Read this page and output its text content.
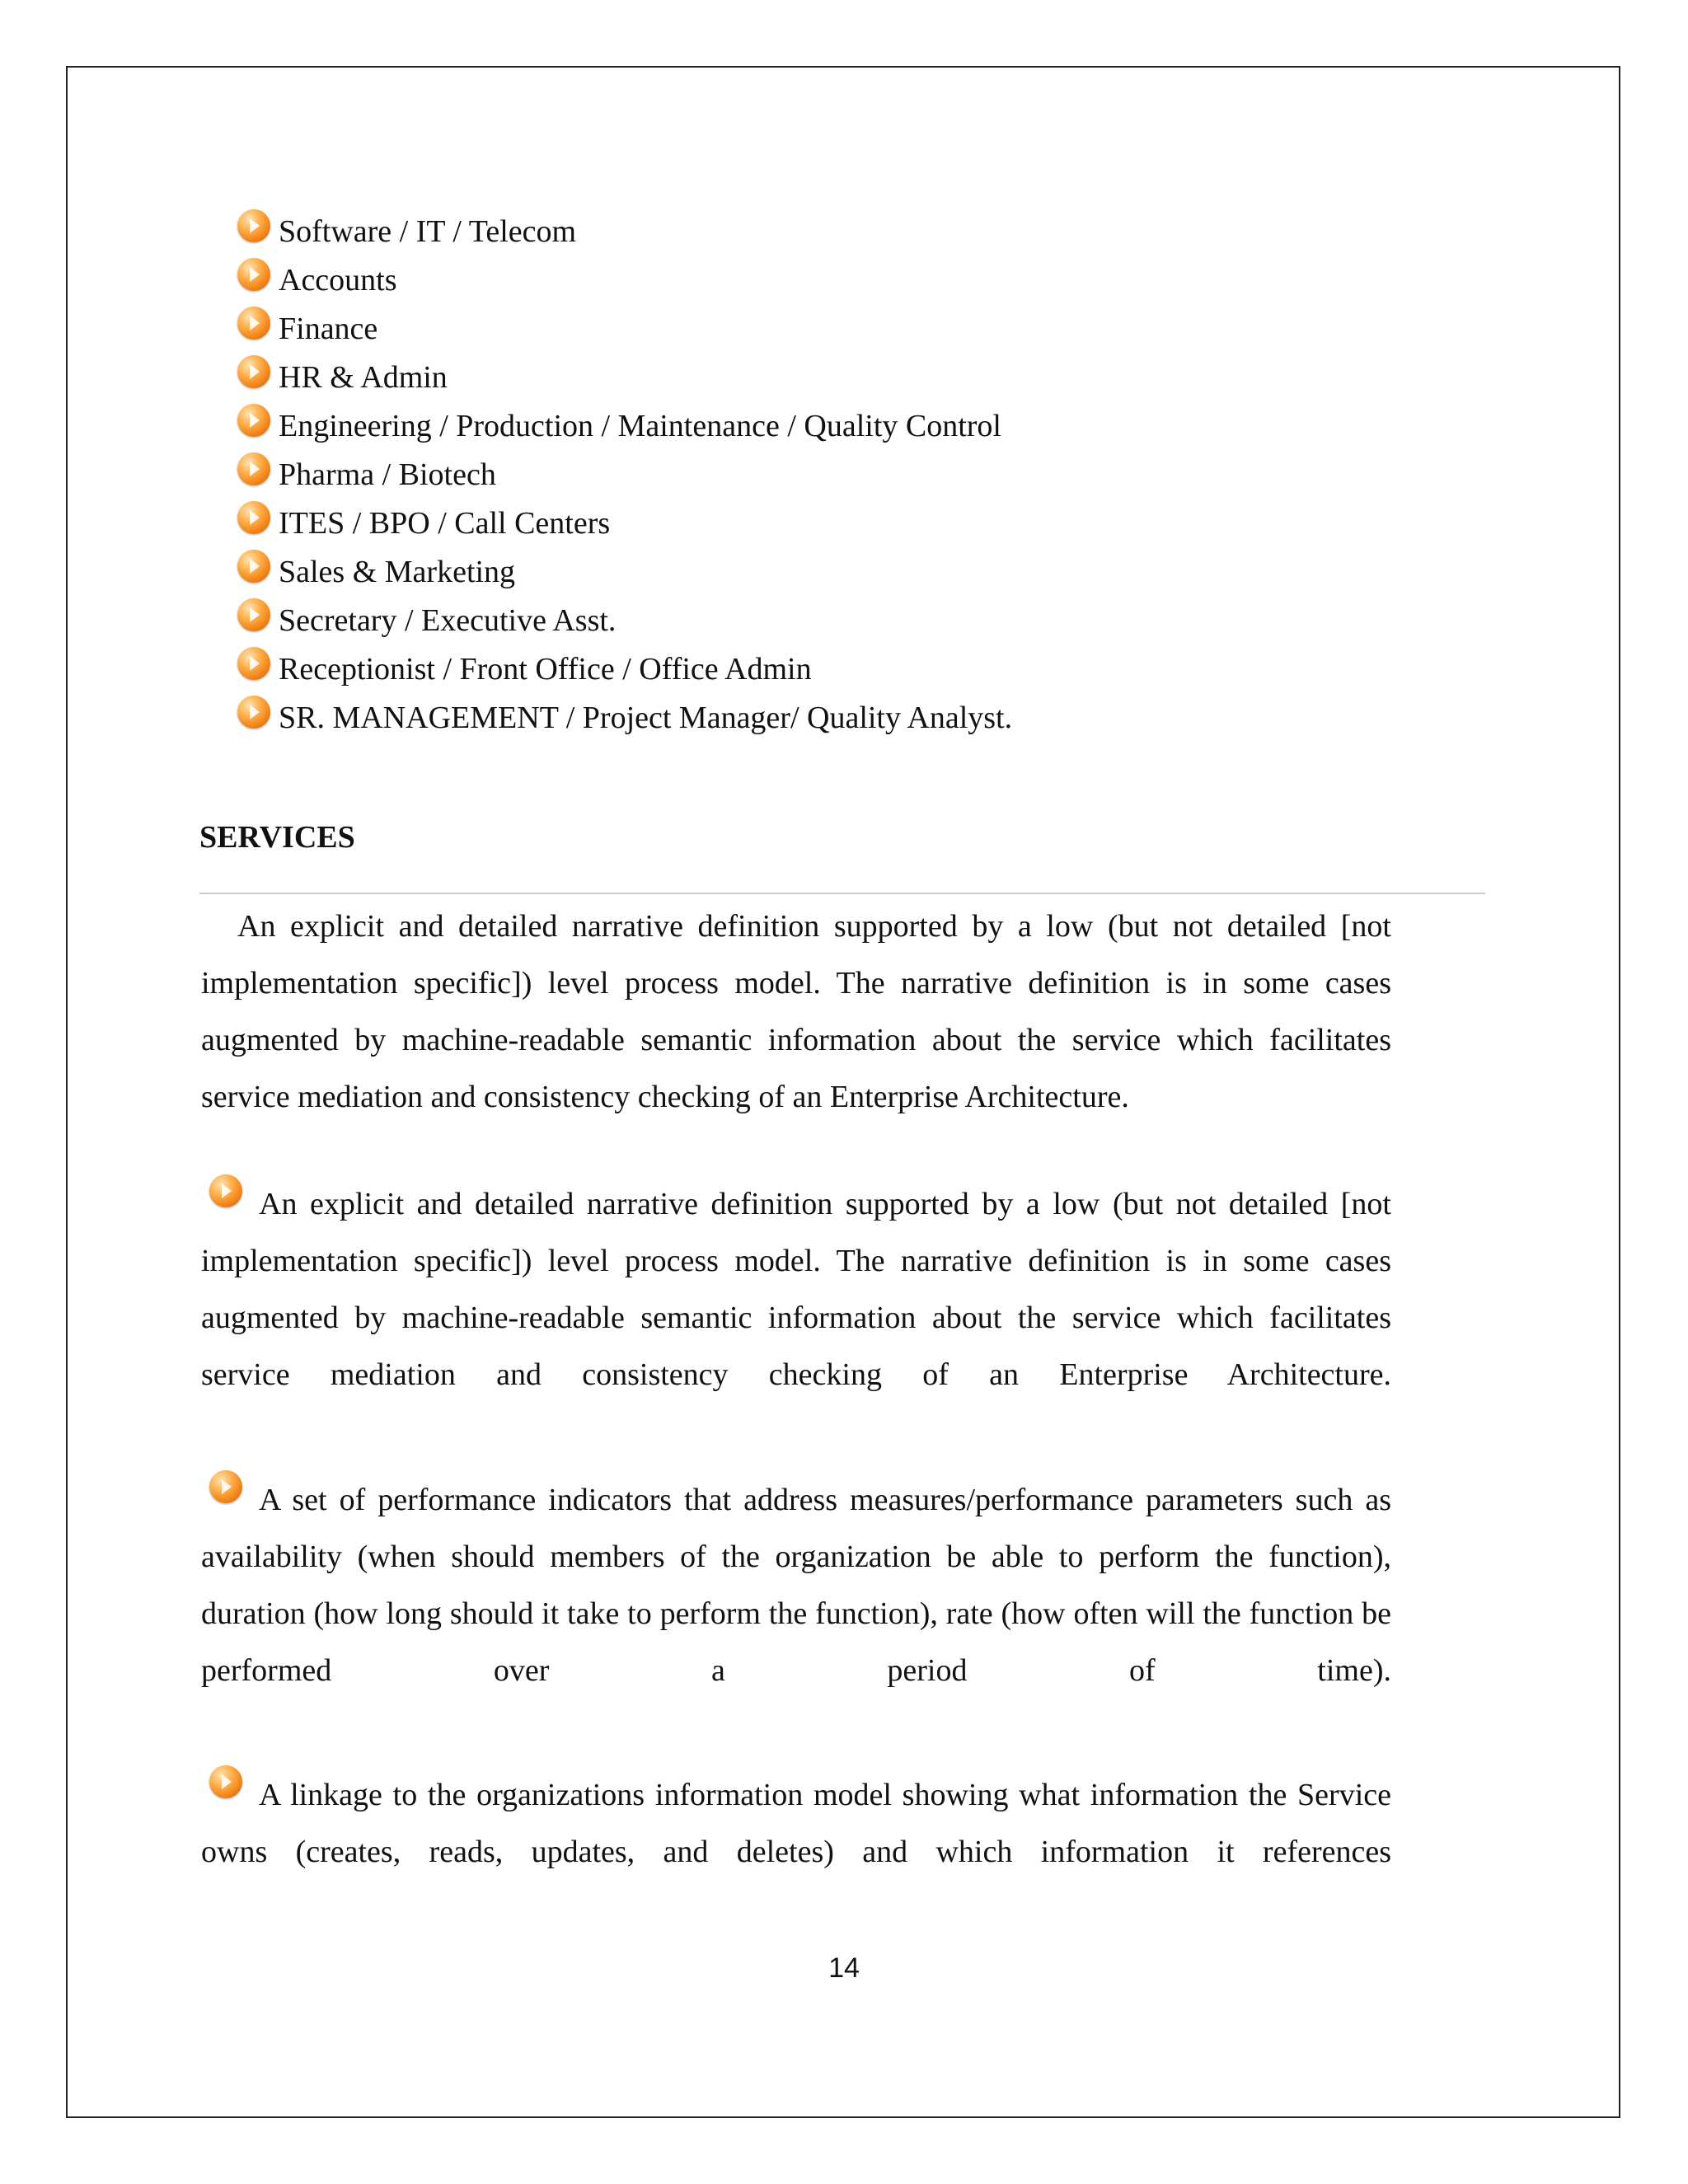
Software / IT / Telecom
Accounts
Finance
HR & Admin
Engineering / Production / Maintenance / Quality Control
Pharma / Biotech
ITES / BPO / Call Centers
Sales & Marketing
Secretary / Executive Asst.
Receptionist / Front Office / Office Admin
SR. MANAGEMENT / Project Manager/ Quality Analyst.
SERVICES

An explicit and detailed narrative definition supported by a low (but not detailed [not implementation specific]) level process model. The narrative definition is in some cases augmented by machine-readable semantic information about the service which facilitates service mediation and consistency checking of an Enterprise Architecture.

An explicit and detailed narrative definition supported by a low (but not detailed [not implementation specific]) level process model. The narrative definition is in some cases augmented by machine-readable semantic information about the service which facilitates service mediation and consistency checking of an Enterprise Architecture.

A set of performance indicators that address measures/performance parameters such as availability (when should members of the organization be able to perform the function), duration (how long should it take to perform the function), rate (how often will the function be performed over a period of time).

A linkage to the organizations information model showing what information the Service owns (creates, reads, updates, and deletes) and which information it references

14
